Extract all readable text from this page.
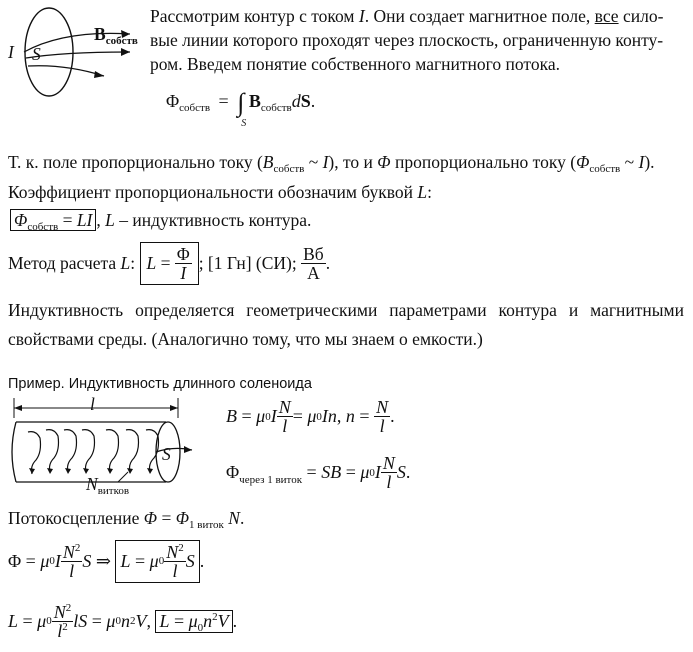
I S
$B_{собств}$
Рассмотрим контур с током I. Они создает магнитное поле, все сило-
вые линии которого проходят через плоскость, ограниченную конту-
ром. Введем понятие собственного магнитного потока.
$\Phi_{собств}$ = ∫
S
$B_{собств}dS$.
Т. к. поле пропорционально току ($B_{собств}$ ~ I), то и Φ пропорционально току ($\Phi_{собств}$ ~ I).
Коэффициент пропорциональности обозначим буквой L:
$\Phi_{собств}$ = LI , L – индуктивность контура.
Метод расчета
L :
L
=
$\frac{\Phi}{I}$ ; [1 Гн] (СИ);
$\frac{Вб}{А}$ .
Индуктивность определяется геометрическими параметрами контура и магнитными свойствами среды. (Аналогично тому, что мы знаем о емкости.)
Пример. Индуктивность длинного соленоида
l
S
$N_{витков}$
B
=
μ 0 I $\frac{N}{l}$ =
μ 0 In ,
n
=
$\frac{N}{l}$ .
Φ через 1 виток
=
SB
=
μ 0 I $\frac{N}{l}$ S .
Потокосцепление $\Phi = \Phi_{1 виток}$ N.
Φ
=
μ 0 I $\frac{N^2}{l}$ S
⇒
L
=
μ $0 \frac{N^2}{l}$ S .
L
=
μ $0 \frac{N^2}{l^2}$ lS
=
μ 0 n 2 V ,
$L = \mu_0n^2V$ .
